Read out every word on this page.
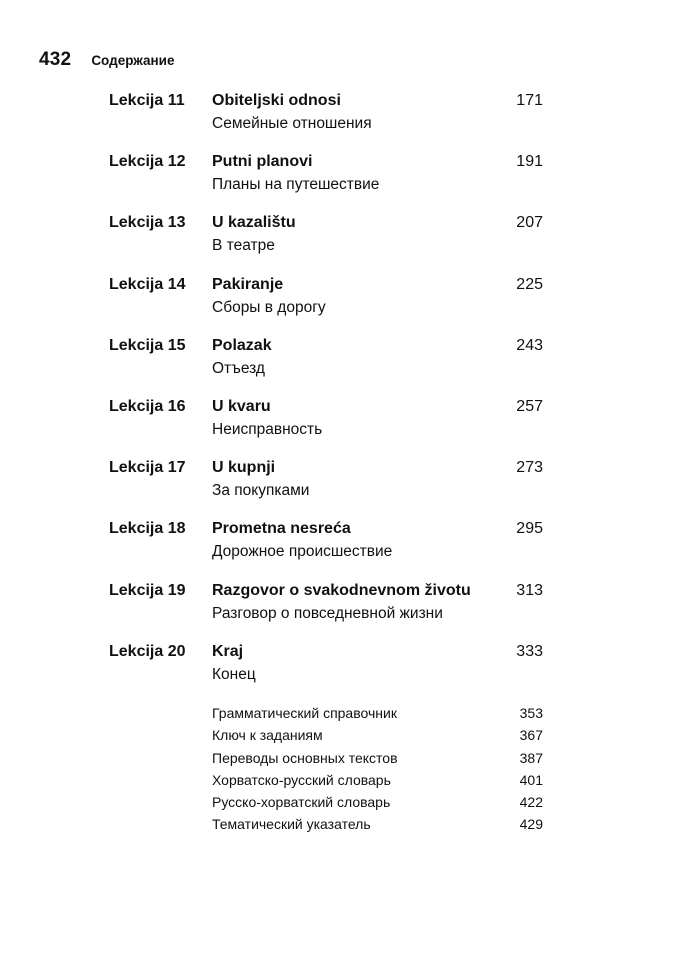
432 Содержание
Lekcija 11 Obiteljski odnosi	171
Семейные отношения
Lekcija 12 Putni planovi	191
Планы на путешествие
Lekcija 13 U kazalištu	207
В театре
Lekcija 14 Pakiranje	225
Сборы в дорогу
Lekcija 15 Polazak	243
Отъезд
Lekcija 16 U kvaru	257
Неисправность
Lekcija 17 U kupnji	273
За покупками
Lekcija 18 Prometna nesreća	295
Дорожное происшествие
Lekcija 19 Razgovor o svakodnevnom životu	313
Разговор о повседневной жизни
Lekcija 20 Kraj	333
Конец
Грамматический справочник	353
Ключ к заданиям	367
Переводы основных текстов	387
Хорватско-русский словарь	401
Русско-хорватский словарь	422
Тематический указатель	429
